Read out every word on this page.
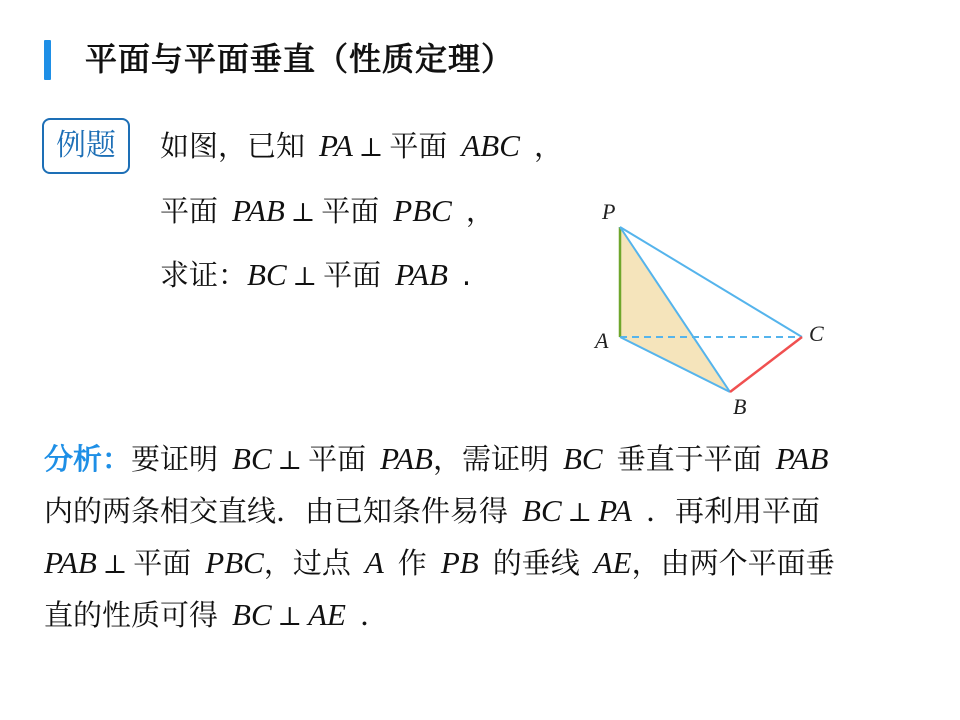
平面与平面垂直（性质定理）
例题	如图，已知 PA ⊥ 平面 ABC ，
平面 PAB ⊥ 平面 PBC ，
求证：BC ⊥ 平面 PAB .
P
A
B
C
分析：要证明 BC ⊥ 平面 PAB，需证明 BC 垂直于平面 PAB
内的两条相交直线．由已知条件易得 BC ⊥ PA ．再利用平面
PAB ⊥ 平面 PBC，过点 A 作 PB 的垂线 AE，由两个平面垂
直的性质可得 BC ⊥ AE ．
